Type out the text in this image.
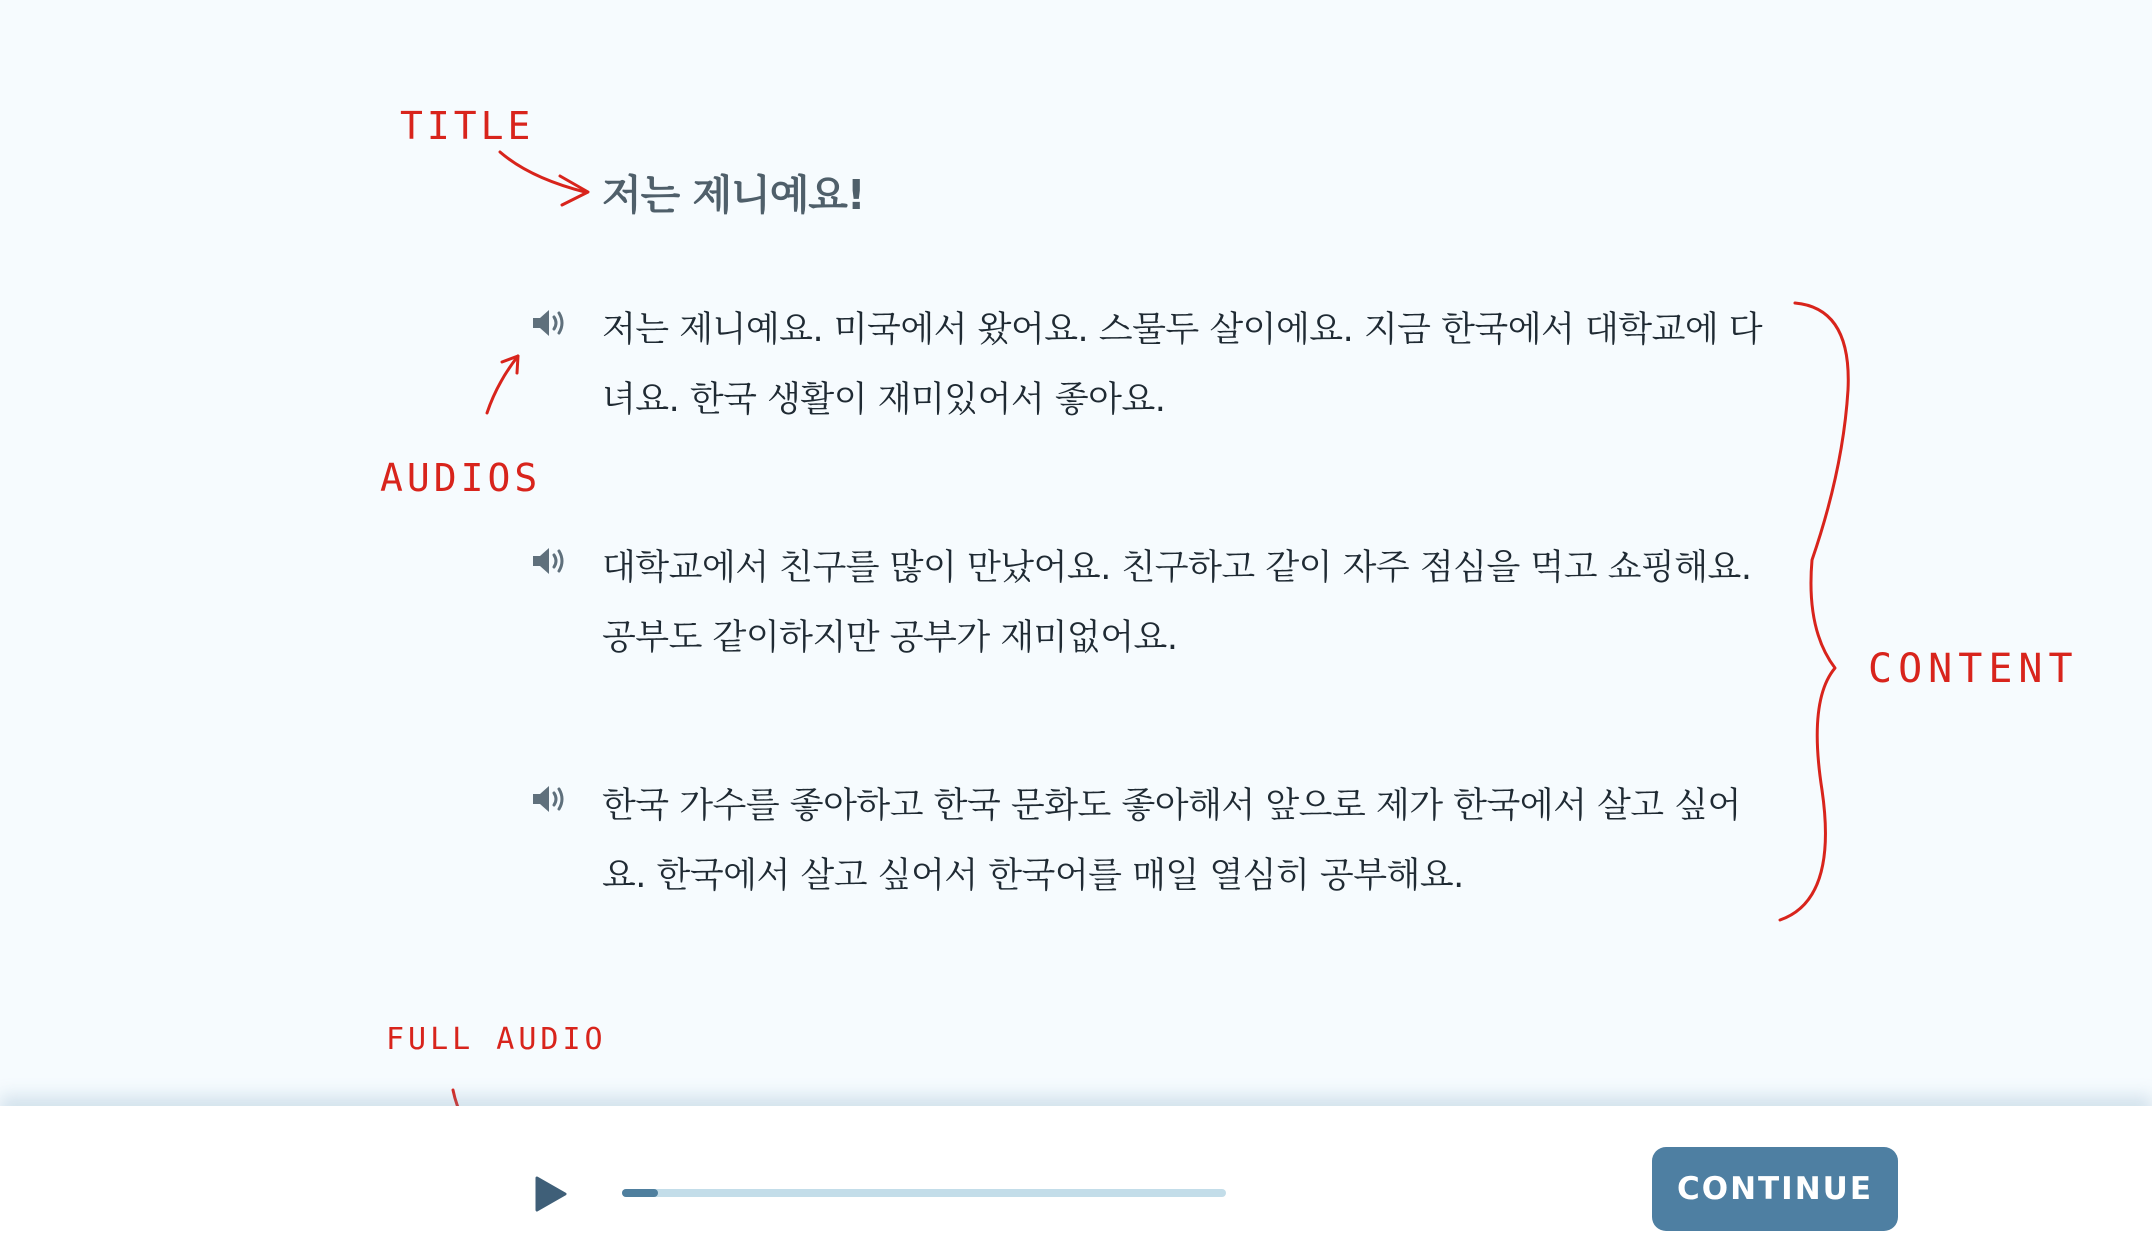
저는 제니예요!
저는 제니예요. 미국에서 왔어요. 스물두 살이에요. 지금 한국에서 대학교에 다녀요. 한국 생활이 재미있어서 좋아요.
대학교에서 친구를 많이 만났어요. 친구하고 같이 자주 점심을 먹고 쇼핑해요. 공부도 같이하지만 공부가 재미없어요.
한국 가수를 좋아하고 한국 문화도 좋아해서 앞으로 제가 한국에서 살고 싶어요. 한국에서 살고 싶어서 한국어를 매일 열심히 공부해요.
TITLE
AUDIOS
CONTENT
FULL AUDIO
CONTINUE
